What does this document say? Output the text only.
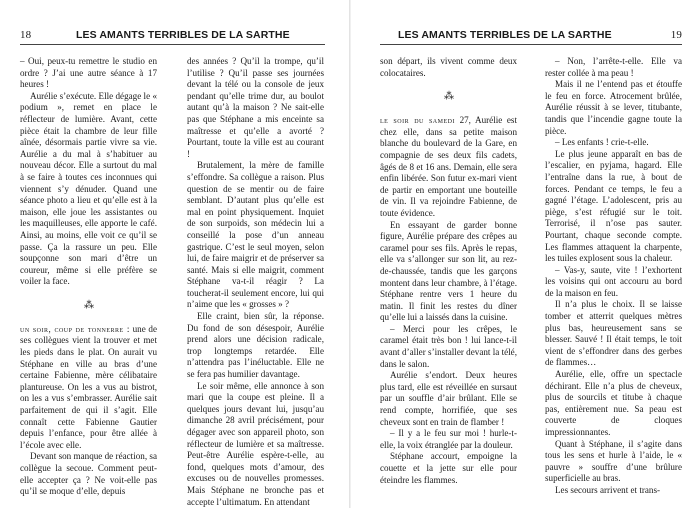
18	LES AMANTS TERRIBLES DE LA SARTHE

– Oui, peux-tu remettre le studio en ordre ? J’ai une autre séance à 17 heures !

Aurélie s’exécute. Elle dégage le « podium », remet en place le réflecteur de lumière. Avant, cette pièce était la chambre de leur fille aînée, désormais partie vivre sa vie. Aurélie a du mal à s’habituer au nouveau décor. Elle a surtout du mal à se faire à toutes ces inconnues qui viennent s’y dénuder. Quand une séance photo a lieu et qu’elle est à la maison, elle joue les assistantes ou les maquilleuses, elle apporte le café. Ainsi, au moins, elle voit ce qu’il se passe. Ça la rassure un peu. Elle soupçonne son mari d’être un coureur, même si elle préfère se voiler la face.

⁂

un soir, coup de tonnerre : une de ses collègues vient la trouver et met les pieds dans le plat. On aurait vu Stéphane en ville au bras d’une certaine Fabienne, mère célibataire plantureuse. On les a vus au bistrot, on les a vus s’embrasser. Aurélie sait parfaitement de qui il s’agit. Elle connaît cette Fabienne Gautier depuis l’enfance, pour être allée à l’école avec elle.

Devant son manque de réaction, sa collègue la secoue. Comment peut-elle accepter ça ? Ne voit-elle pas qu’il se moque d’elle, depuis

des années ? Qu’il la trompe, qu’il l’utilise ? Qu’il passe ses journées devant la télé ou la console de jeux pendant qu’elle trime dur, au boulot autant qu’à la maison ? Ne sait-elle pas que Stéphane a mis enceinte sa maîtresse et qu’elle a avorté ? Pourtant, toute la ville est au courant !

Brutalement, la mère de famille s’effondre. Sa collègue a raison. Plus question de se mentir ou de faire semblant. D’autant plus qu’elle est mal en point physiquement. Inquiet de son surpoids, son médecin lui a conseillé la pose d’un anneau gastrique. C’est le seul moyen, selon lui, de faire maigrir et de préserver sa santé. Mais si elle maigrit, comment Stéphane va-t-il réagir ? La toucherat-il seulement encore, lui qui n’aime que les « grosses » ?

Elle craint, bien sûr, la réponse. Du fond de son désespoir, Aurélie prend alors une décision radicale, trop longtemps retardée. Elle n’attendra pas l’inéluctable. Elle ne se fera pas humilier davantage.

Le soir même, elle annonce à son mari que la coupe est pleine. Il a quelques jours devant lui, jusqu’au dimanche 28 avril précisément, pour dégager avec son appareil photo, son réflecteur de lumière et sa maîtresse. Peut-être Aurélie espère-t-elle, au fond, quelques mots d’amour, des excuses ou de nouvelles promesses. Mais Stéphane ne bronche pas et accepte l’ultimatum. En attendant

LES AMANTS TERRIBLES DE LA SARTHE	19

son départ, ils vivent comme deux colocataires.

⁂

le soir du samedi 27, Aurélie est chez elle, dans sa petite maison blanche du boulevard de la Gare, en compagnie de ses deux fils cadets, âgés de 8 et 16 ans. Demain, elle sera enfin libérée. Son futur ex-mari vient de partir en emportant une bouteille de vin. Il va rejoindre Fabienne, de toute évidence.

En essayant de garder bonne figure, Aurélie prépare des crêpes au caramel pour ses fils. Après le repas, elle va s’allonger sur son lit, au rez-de-chaussée, tandis que les garçons montent dans leur chambre, à l’étage. Stéphane rentre vers 1 heure du matin. Il finit les restes du dîner qu’elle lui a laissés dans la cuisine.

– Merci pour les crêpes, le caramel était très bon ! lui lance-t-il avant d’aller s’installer devant la télé, dans le salon.

Aurélie s’endort. Deux heures plus tard, elle est réveillée en sursaut par un souffle d’air brûlant. Elle se rend compte, horrifiée, que ses cheveux sont en train de flamber !

– Il y a le feu sur moi ! hurle-t-elle, la voix étranglée par la douleur.

Stéphane accourt, empoigne la couette et la jette sur elle pour éteindre les flammes.

– Non, l’arrête-t-elle. Elle va rester collée à ma peau !

Mais il ne l’entend pas et étouffe le feu en force. Atrocement brûlée, Aurélie réussit à se lever, titubante, tandis que l’incendie gagne toute la pièce.

– Les enfants ! crie-t-elle.

Le plus jeune apparaît en bas de l’escalier, en pyjama, hagard. Elle l’entraîne dans la rue, à bout de forces. Pendant ce temps, le feu a gagné l’étage. L’adolescent, pris au piège, s’est réfugié sur le toit. Terrorisé, il n’ose pas sauter. Pourtant, chaque seconde compte. Les flammes attaquent la charpente, les tuiles explosent sous la chaleur.

– Vas-y, saute, vite ! l’exhortent les voisins qui ont accouru au bord de la maison en feu.

Il n’a plus le choix. Il se laisse tomber et atterrit quelques mètres plus bas, heureusement sans se blesser. Sauvé ! Il était temps, le toit vient de s’effondrer dans des gerbes de flammes…

Aurélie, elle, offre un spectacle déchirant. Elle n’a plus de cheveux, plus de sourcils et titube à chaque pas, entièrement nue. Sa peau est couverte de cloques impressionnantes.

Quant à Stéphane, il s’agite dans tous les sens et hurle à l’aide, le « pauvre » souffre d’une brûlure superficielle au bras.

Les secours arrivent et trans-
